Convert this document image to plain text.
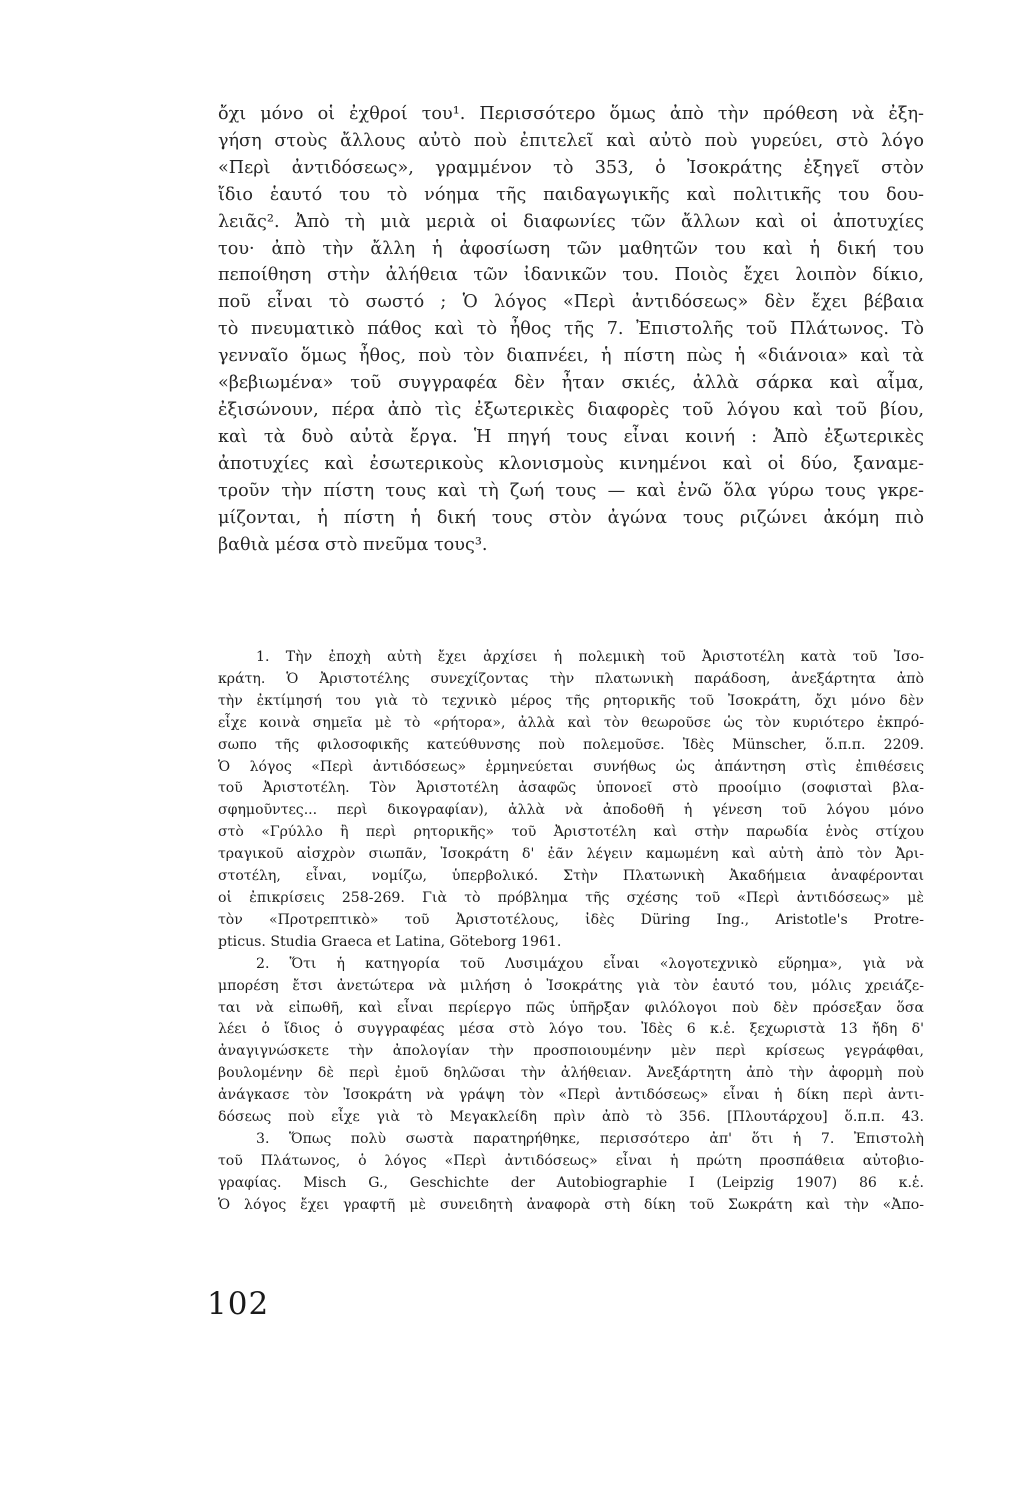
ὄχι μόνο οἱ ἐχθροί του¹. Περισσότερο ὅμως ἀπὸ τὴν πρόθεση νὰ ἐξη-
γήση στοὺς ἄλλους αὐτὸ ποὺ ἐπιτελεῖ καὶ αὐτὸ ποὺ γυρεύει, στὸ λόγο
«Περὶ ἀντιδόσεως», γραμμένον τὸ 353, ὁ Ἰσοκράτης ἐξηγεῖ στὸν
ἴδιο ἑαυτό του τὸ νόημα τῆς παιδαγωγικῆς καὶ πολιτικῆς του δου-
λειᾶς². Ἀπὸ τὴ μιὰ μεριὰ οἱ διαφωνίες τῶν ἄλλων καὶ οἱ ἀποτυχίες
του· ἀπὸ τὴν ἄλλη ἡ ἀφοσίωση τῶν μαθητῶν του καὶ ἡ δική του
πεποίθηση στὴν ἀλήθεια τῶν ἰδανικῶν του. Ποιὸς ἔχει λοιπὸν δίκιο,
ποῦ εἶναι τὸ σωστό ; Ὁ λόγος «Περὶ ἀντιδόσεως» δὲν ἔχει βέβαια
τὸ πνευματικὸ πάθος καὶ τὸ ἦθος τῆς 7. Ἐπιστολῆς τοῦ Πλάτωνος. Τὸ
γενναῖο ὅμως ἦθος, ποὺ τὸν διαπνέει, ἡ πίστη πὼς ἡ «διάνοια» καὶ τὰ
«βεβιωμένα» τοῦ συγγραφέα δὲν ἦταν σκιές, ἀλλὰ σάρκα καὶ αἷμα,
ἐξισώνουν, πέρα ἀπὸ τὶς ἐξωτερικὲς διαφορὲς τοῦ λόγου καὶ τοῦ βίου,
καὶ τὰ δυὸ αὐτὰ ἔργα. Ἡ πηγή τους εἶναι κοινή : Ἀπὸ ἐξωτερικὲς
ἀποτυχίες καὶ ἐσωτερικοὺς κλονισμοὺς κινημένοι καὶ οἱ δύο, ξαναμε-
τροῦν τὴν πίστη τους καὶ τὴ ζωή τους — καὶ ἐνῶ ὅλα γύρω τους γκρε-
μίζονται, ἡ πίστη ἡ δική τους στὸν ἀγώνα τους ριζώνει ἀκόμη πιὸ
βαθιὰ μέσα στὸ πνεῦμα τους³.
1. Τὴν ἐποχὴ αὐτὴ ἔχει ἀρχίσει ἡ πολεμικὴ τοῦ Ἀριστοτέλη κατὰ τοῦ Ἰσο-
κράτη. Ὁ Ἀριστοτέλης συνεχίζοντας τὴν πλατωνικὴ παράδοση, ἀνεξάρτητα ἀπὸ
τὴν ἐκτίμησή του γιὰ τὸ τεχνικὸ μέρος τῆς ρητορικῆς τοῦ Ἰσοκράτη, ὄχι μόνο δὲν
εἶχε κοινὰ σημεῖα μὲ τὸ «ρήτορα», ἀλλὰ καὶ τὸν θεωροῦσε ὡς τὸν κυριότερο ἐκπρό-
σωπο τῆς φιλοσοφικῆς κατεύθυνσης ποὺ πολεμοῦσε. Ἰδὲς Münscher, ὅ.π.π. 2209.
Ὁ λόγος «Περὶ ἀντιδόσεως» ἑρμηνεύεται συνήθως ὡς ἀπάντηση στὶς ἐπιθέσεις
τοῦ Ἀριστοτέλη. Τὸν Ἀριστοτέλη ἀσαφῶς ὑπονοεῖ στὸ προοίμιο (σοφισταὶ βλα-
σφημοῦντες... περὶ δικογραφίαν), ἀλλὰ νὰ ἀποδοθῆ ἡ γένεση τοῦ λόγου μόνο
στὸ «Γρύλλο ἢ περὶ ρητορικῆς» τοῦ Ἀριστοτέλη καὶ στὴν παρωδία ἑνὸς στίχου
τραγικοῦ αἰσχρὸν σιωπᾶν, Ἰσοκράτη δ' ἐᾶν λέγειν καμωμένη καὶ αὐτὴ ἀπὸ τὸν Ἀρι-
στοτέλη, εἶναι, νομίζω, ὑπερβολικό. Στὴν Πλατωνικὴ Ἀκαδήμεια ἀναφέρονται
οἱ ἐπικρίσεις 258-269. Γιὰ τὸ πρόβλημα τῆς σχέσης τοῦ «Περὶ ἀντιδόσεως» μὲ
τὸν «Προτρεπτικὸ» τοῦ Ἀριστοτέλους, ἰδὲς Düring Ing., Aristotle's Protre-
pticus. Studia Graeca et Latina, Göteborg 1961.
2. Ὅτι ἡ κατηγορία τοῦ Λυσιμάχου εἶναι «λογοτεχνικὸ εὕρημα», γιὰ νὰ
μπορέση ἔτσι ἀνετώτερα νὰ μιλήση ὁ Ἰσοκράτης γιὰ τὸν ἑαυτό του, μόλις χρειάζε-
ται νὰ εἰπωθῆ, καὶ εἶναι περίεργο πῶς ὑπῆρξαν φιλόλογοι ποὺ δὲν πρόσεξαν ὅσα
λέει ὁ ἴδιος ὁ συγγραφέας μέσα στὸ λόγο του. Ἰδὲς 6 κ.ἑ. ξεχωριστὰ 13 ἤδη δ'
ἀναγιγνώσκετε τὴν ἀπολογίαν τὴν προσποιουμένην μὲν περὶ κρίσεως γεγράφθαι,
βουλομένην δὲ περὶ ἐμοῦ δηλῶσαι τὴν ἀλήθειαν. Ἀνεξάρτητη ἀπὸ τὴν ἀφορμὴ ποὺ
ἀνάγκασε τὸν Ἰσοκράτη νὰ γράψη τὸν «Περὶ ἀντιδόσεως» εἶναι ἡ δίκη περὶ ἀντι-
δόσεως ποὺ εἶχε γιὰ τὸ Μεγακλείδη πρὶν ἀπὸ τὸ 356. [Πλουτάρχου] ὅ.π.π. 43.
3. Ὅπως πολὺ σωστὰ παρατηρήθηκε, περισσότερο ἀπ' ὅτι ἡ 7. Ἐπιστολὴ
τοῦ Πλάτωνος, ὁ λόγος «Περὶ ἀντιδόσεως» εἶναι ἡ πρώτη προσπάθεια αὐτοβιο-
γραφίας. Misch G., Geschichte der Autobiographie I (Leipzig 1907) 86 κ.ἑ.
Ὁ λόγος ἔχει γραφτῆ μὲ συνειδητὴ ἀναφορὰ στὴ δίκη τοῦ Σωκράτη καὶ τὴν «Ἀπο-
102
